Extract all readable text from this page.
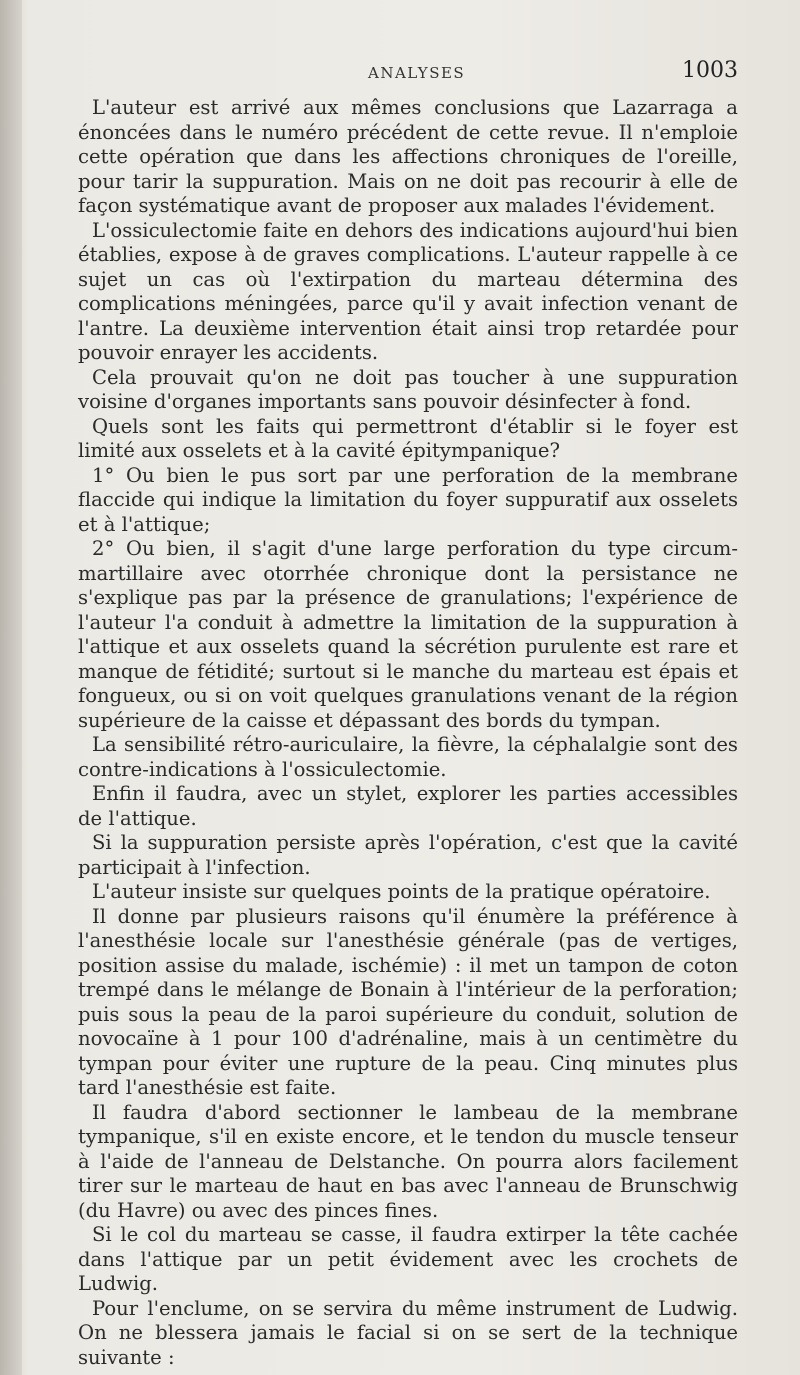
ANALYSES	1003

L'auteur est arrivé aux mêmes conclusions que Lazarraga a énoncées dans le numéro précédent de cette revue. Il n'emploie cette opération que dans les affections chroniques de l'oreille, pour tarir la suppuration. Mais on ne doit pas recourir à elle de façon systématique avant de proposer aux malades l'évidement.

L'ossiculectomie faite en dehors des indications aujourd'hui bien établies, expose à de graves complications. L'auteur rappelle à ce sujet un cas où l'extirpation du marteau détermina des complications méningées, parce qu'il y avait infection venant de l'antre. La deuxième intervention était ainsi trop retardée pour pouvoir enrayer les accidents.

Cela prouvait qu'on ne doit pas toucher à une suppuration voisine d'organes importants sans pouvoir désinfecter à fond.

Quels sont les faits qui permettront d'établir si le foyer est limité aux osselets et à la cavité épitympanique?

1° Ou bien le pus sort par une perforation de la membrane flaccide qui indique la limitation du foyer suppuratif aux osselets et à l'attique;

2° Ou bien, il s'agit d'une large perforation du type circum-martillaire avec otorrhée chronique dont la persistance ne s'explique pas par la présence de granulations; l'expérience de l'auteur l'a conduit à admettre la limitation de la suppuration à l'attique et aux osselets quand la sécrétion purulente est rare et manque de fétidité; surtout si le manche du marteau est épais et fongueux, ou si on voit quelques granulations venant de la région supérieure de la caisse et dépassant des bords du tympan.

La sensibilité rétro-auriculaire, la fièvre, la céphalalgie sont des contre-indications à l'ossiculectomie.

Enfin il faudra, avec un stylet, explorer les parties accessibles de l'attique.

Si la suppuration persiste après l'opération, c'est que la cavité participait à l'infection.

L'auteur insiste sur quelques points de la pratique opératoire.

Il donne par plusieurs raisons qu'il énumère la préférence à l'anesthésie locale sur l'anesthésie générale (pas de vertiges, position assise du malade, ischémie) : il met un tampon de coton trempé dans le mélange de Bonain à l'intérieur de la perforation; puis sous la peau de la paroi supérieure du conduit, solution de novocaïne à 1 pour 100 d'adrénaline, mais à un centimètre du tympan pour éviter une rupture de la peau. Cinq minutes plus tard l'anesthésie est faite.

Il faudra d'abord sectionner le lambeau de la membrane tympanique, s'il en existe encore, et le tendon du muscle tenseur à l'aide de l'anneau de Delstanche. On pourra alors facilement tirer sur le marteau de haut en bas avec l'anneau de Brunschwig (du Havre) ou avec des pinces fines.

Si le col du marteau se casse, il faudra extirper la tête cachée dans l'attique par un petit évidement avec les crochets de Ludwig.

Pour l'enclume, on se servira du même instrument de Ludwig. On ne blessera jamais le facial si on se sert de la technique suivante :
